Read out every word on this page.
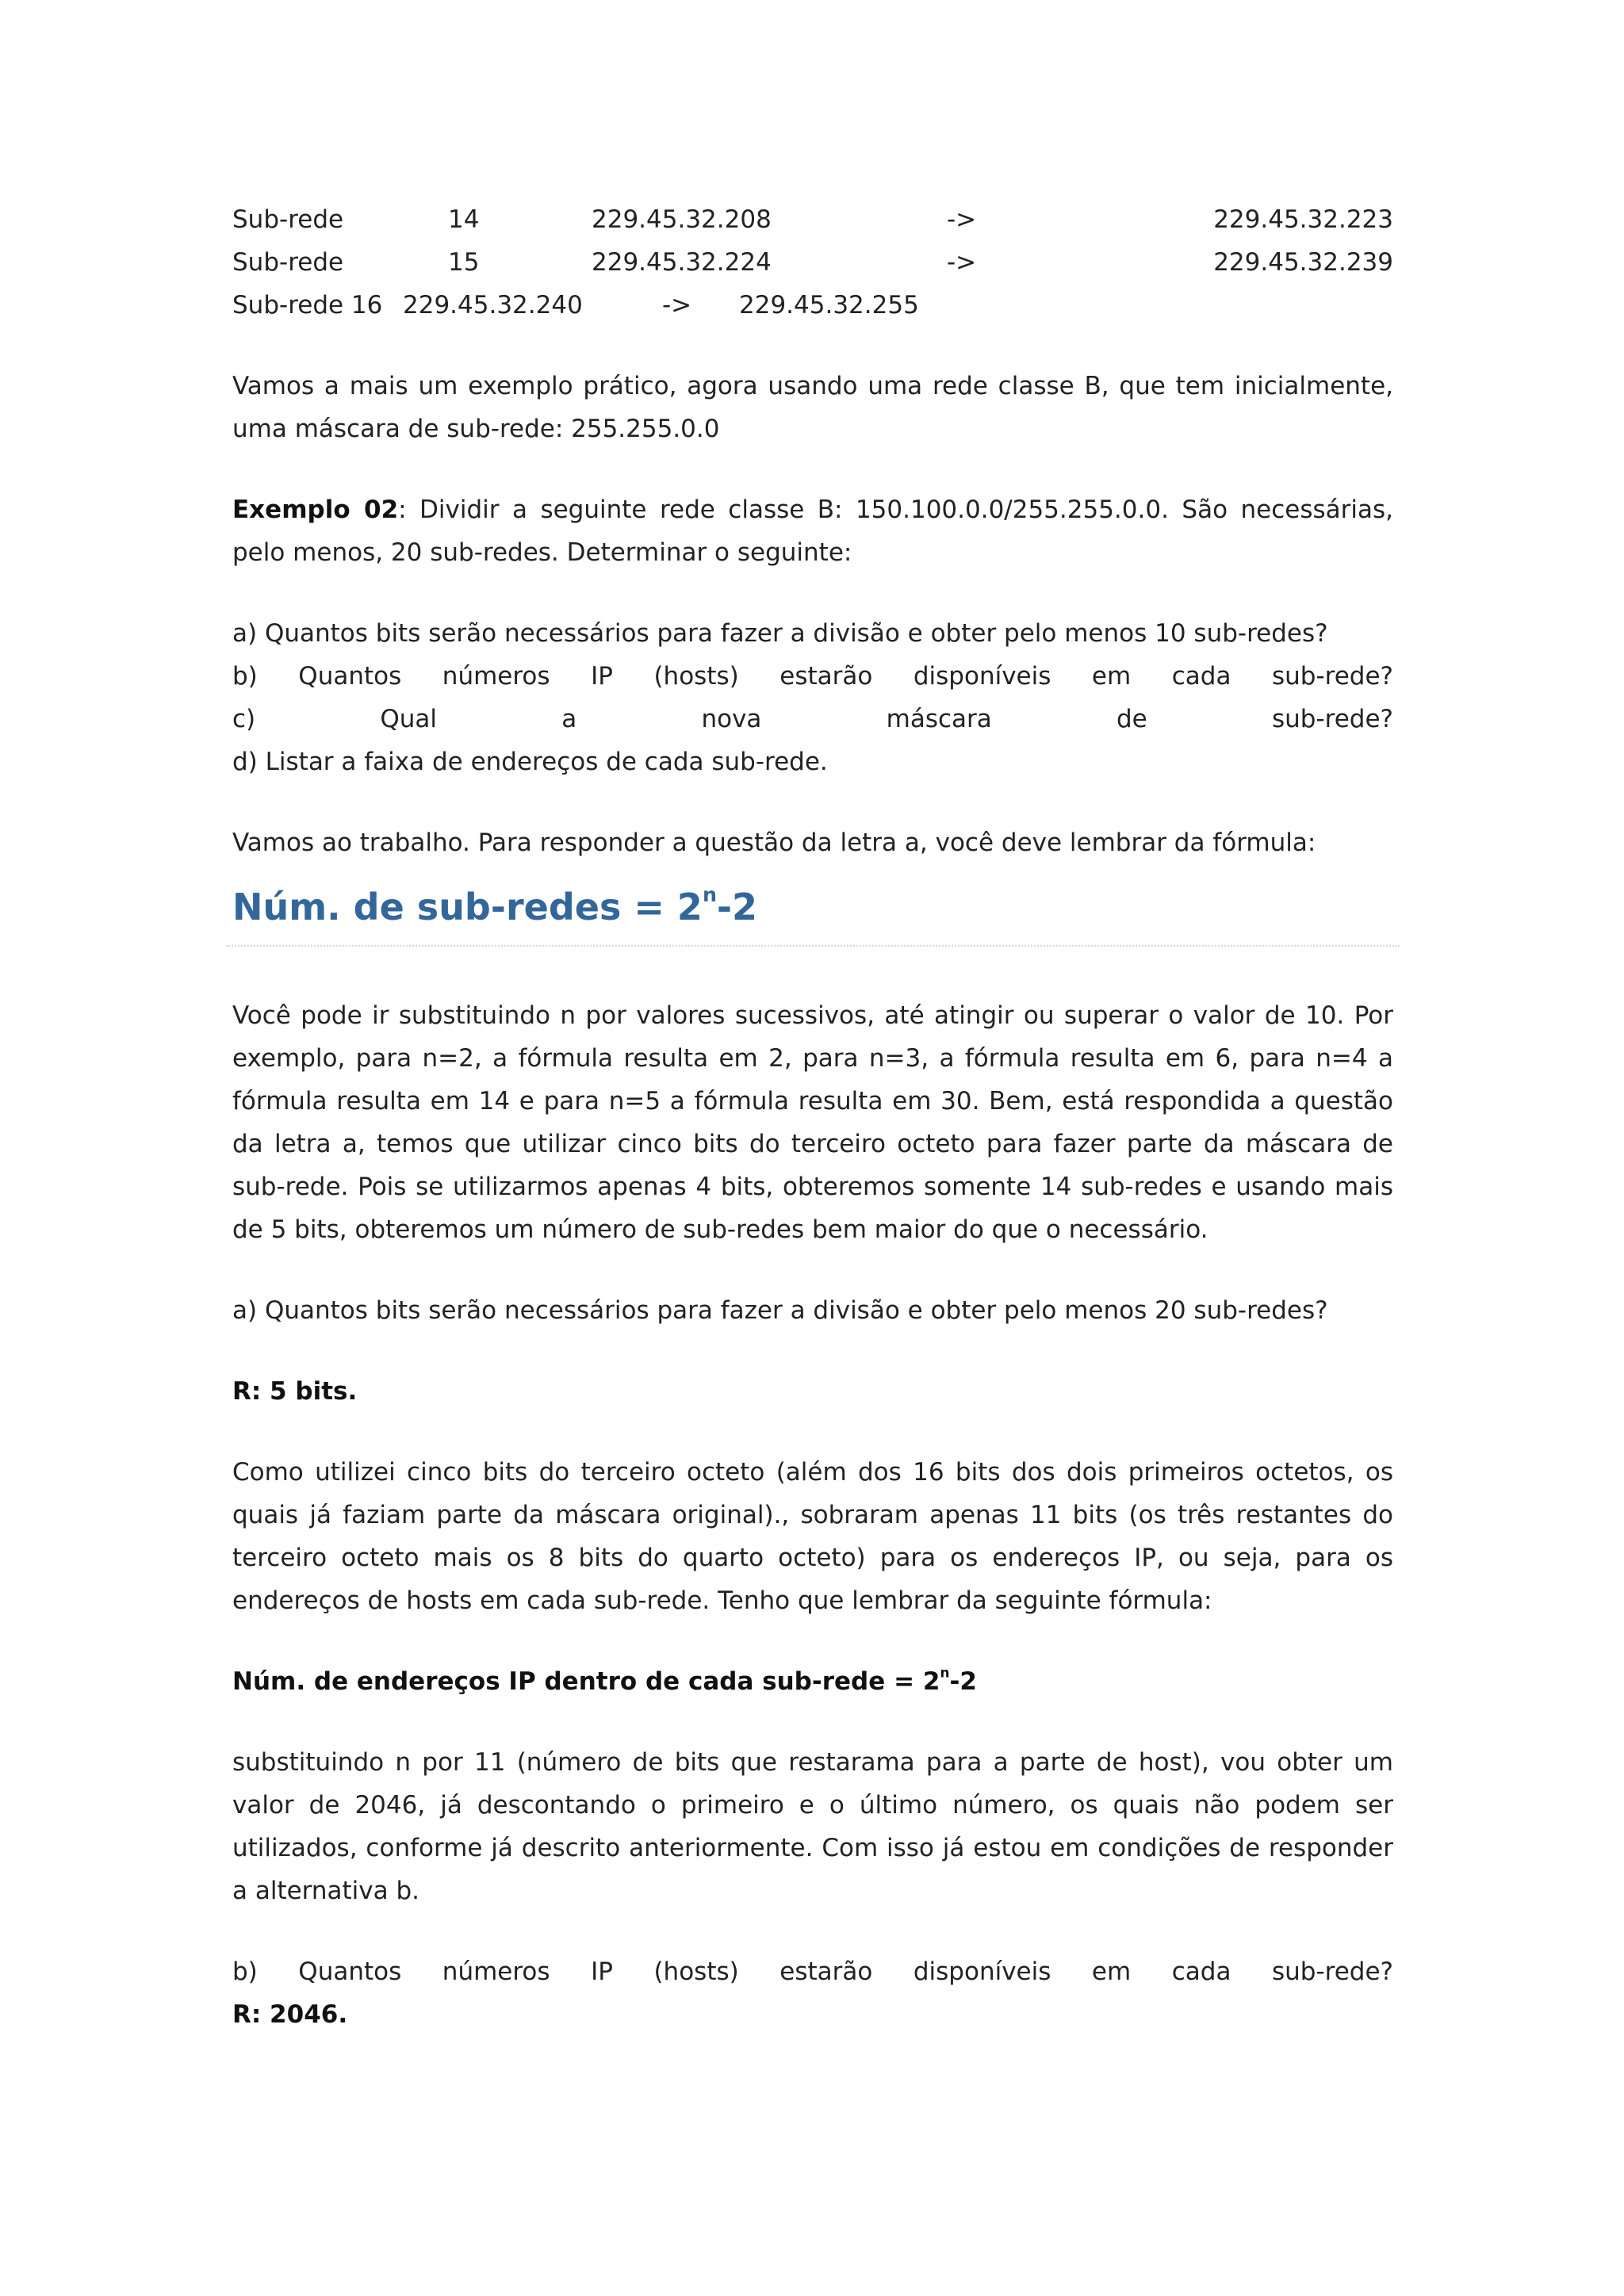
Sub-rede	14	229.45.32.208	->	229.45.32.223
Sub-rede	15	229.45.32.224	->	229.45.32.239
Sub-rede 16 229.45.32.240	-> 229.45.32.255

Vamos a mais um exemplo prático, agora usando uma rede classe B, que tem inicialmente, uma máscara de sub-rede: 255.255.0.0

Exemplo 02: Dividir a seguinte rede classe B: 150.100.0.0/255.255.0.0. São necessárias, pelo menos, 20 sub-redes. Determinar o seguinte:

a) Quantos bits serão necessários para fazer a divisão e obter pelo menos 10 sub-redes?
b) Quantos números IP (hosts) estarão disponíveis em cada sub-rede?
c) Qual a nova máscara de sub-rede?
d) Listar a faixa de endereços de cada sub-rede.

Vamos ao trabalho. Para responder a questão da letra a, você deve lembrar da fórmula:

Núm. de sub-redes = $2^n-2$

Você pode ir substituindo n por valores sucessivos, até atingir ou superar o valor de 10. Por exemplo, para n=2, a fórmula resulta em 2, para n=3, a fórmula resulta em 6, para n=4 a fórmula resulta em 14 e para n=5 a fórmula resulta em 30. Bem, está respondida a questão da letra a, temos que utilizar cinco bits do terceiro octeto para fazer parte da máscara de sub-rede. Pois se utilizarmos apenas 4 bits, obteremos somente 14 sub-redes e usando mais de 5 bits, obteremos um número de sub-redes bem maior do que o necessário.

a) Quantos bits serão necessários para fazer a divisão e obter pelo menos 20 sub-redes?

R: 5 bits.

Como utilizei cinco bits do terceiro octeto (além dos 16 bits dos dois primeiros octetos, os quais já faziam parte da máscara original)., sobraram apenas 11 bits (os três restantes do terceiro octeto mais os 8 bits do quarto octeto) para os endereços IP, ou seja, para os endereços de hosts em cada sub-rede. Tenho que lembrar da seguinte fórmula:

Núm. de endereços IP dentro de cada sub-rede = $2^n-2$

substituindo n por 11 (número de bits que restarama para a parte de host), vou obter um valor de 2046, já descontando o primeiro e o último número, os quais não podem ser utilizados, conforme já descrito anteriormente. Com isso já estou em condições de responder a alternativa b.

b) Quantos números IP (hosts) estarão disponíveis em cada sub-rede?
R: 2046.
